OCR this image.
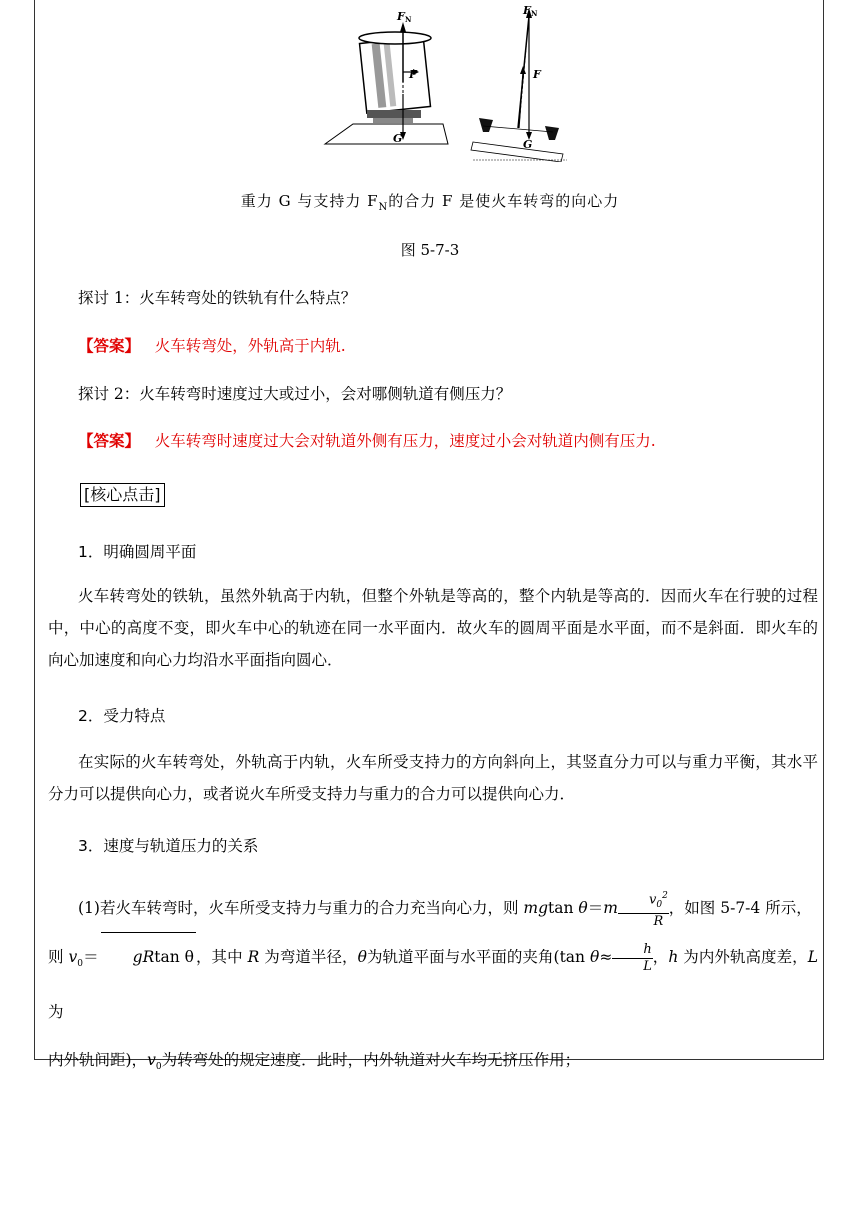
F N
F
G
F N
F
G
重力 G 与支持力 $F_N$的合力 F 是使火车转弯的向心力
图 5-7-3
探讨 1：火车转弯处的铁轨有什么特点？
【答案】 火车转弯处，外轨高于内轨.
探讨 2：火车转弯时速度过大或过小，会对哪侧轨道有侧压力？
【答案】 火车转弯时速度过大会对轨道外侧有压力，速度过小会对轨道内侧有压力.
[核心点击]
1．明确圆周平面
火车转弯处的铁轨，虽然外轨高于内轨，但整个外轨是等高的，整个内轨是等高的．因而火车在行驶的过程中，中心的高度不变，即火车中心的轨迹在同一水平面内．故火车的圆周平面是水平面，而不是斜面．即火车的向心加速度和向心力均沿水平面指向圆心．
2．受力特点
在实际的火车转弯处，外轨高于内轨，火车所受支持力的方向斜向上，其竖直分力可以与重力平衡，其水平分力可以提供向心力，或者说火车所受支持力与重力的合力可以提供向心力．
3．速度与轨道压力的关系
(1)若火车转弯时，火车所受支持力与重力的合力充当向心力，则 mgtan $\theta=m \frac{v_0^2}{R}$ ，如图 5-7-4 所示，
则 $v_0= gRtan$ θ ，其中 R 为弯道半径，θ为轨道平面与水平面的夹角(tan $\theta\approx \frac{h}{L}$ ，h 为内外轨高度差，L 为
内外轨间距)，$v_0$为转弯处的规定速度．此时，内外轨道对火车均无挤压作用；
